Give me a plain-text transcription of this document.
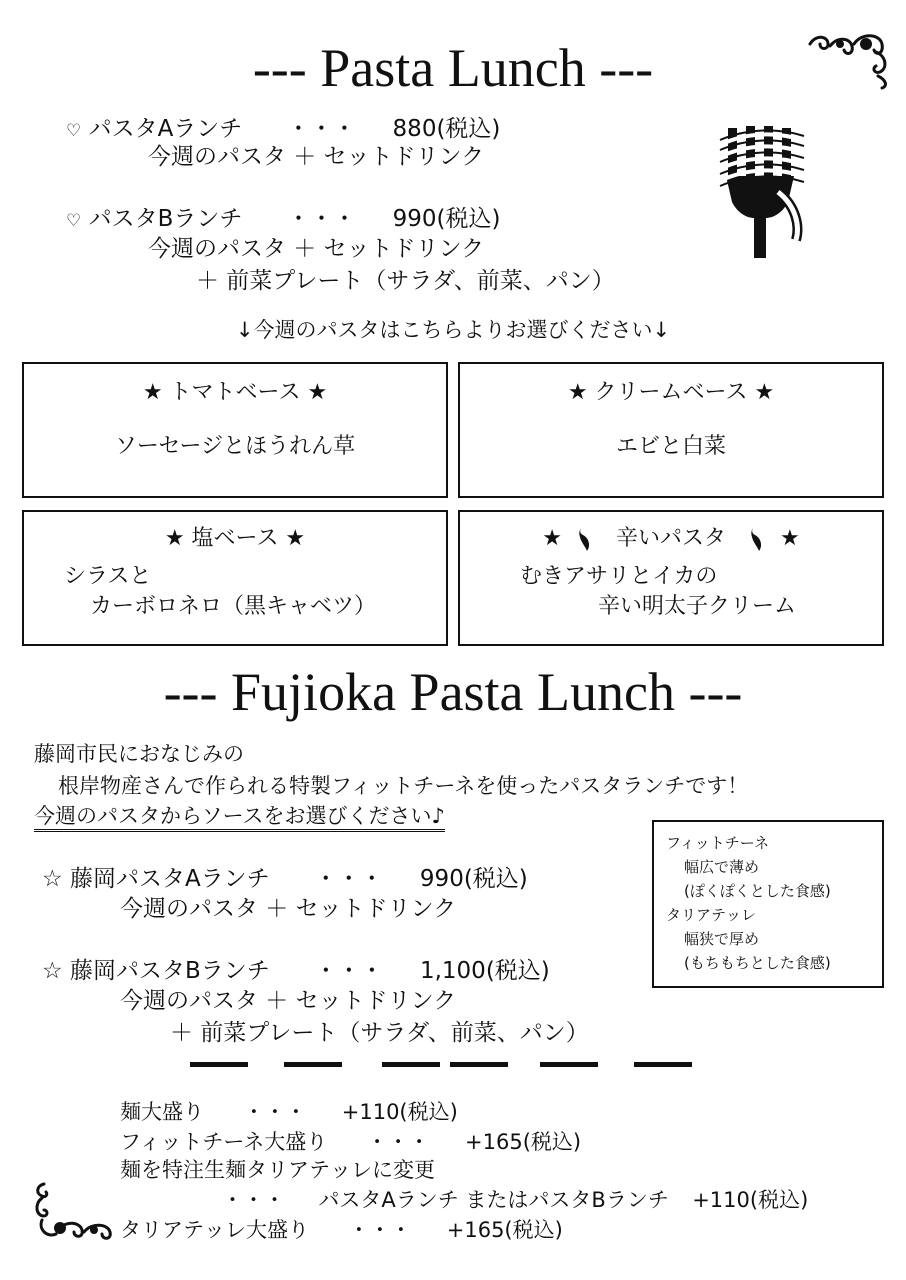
--- Pasta Lunch ---
♡ パスタAランチ ・・・ 880(税込)
今週のパスタ ＋ セットドリンク
♡ パスタBランチ ・・・ 990(税込)
今週のパスタ ＋ セットドリンク
＋ 前菜プレート（サラダ、前菜、パン）
↓今週のパスタはこちらよりお選びください↓
★ トマトベース ★
ソーセージとほうれん草
★ クリームベース ★
エビと白菜
★ 塩ベース ★
シラスと
カーボロネロ（黒キャベツ）
★ 辛いパスタ ★
むきアサリとイカの
辛い明太子クリーム
--- Fujioka Pasta Lunch ---
藤岡市民におなじみの
根岸物産さんで作られる特製フィットチーネを使ったパスタランチです！
今週のパスタからソースをお選びください♪
フィットチーネ
幅広で薄め
(ぽくぽくとした食感)
タリアテッレ
幅狭で厚め
(もちもちとした食感)
☆ 藤岡パスタAランチ ・・・ 990(税込)
今週のパスタ ＋ セットドリンク
☆ 藤岡パスタBランチ ・・・ 1,100(税込)
今週のパスタ ＋ セットドリンク
＋ 前菜プレート（サラダ、前菜、パン）
麺大盛り ・・・ +110(税込)
フィットチーネ大盛り ・・・ +165(税込)
麺を特注生麺タリアテッレに変更
・・・ パスタAランチ またはパスタBランチ +110(税込)
タリアテッレ大盛り ・・・ +165(税込)
